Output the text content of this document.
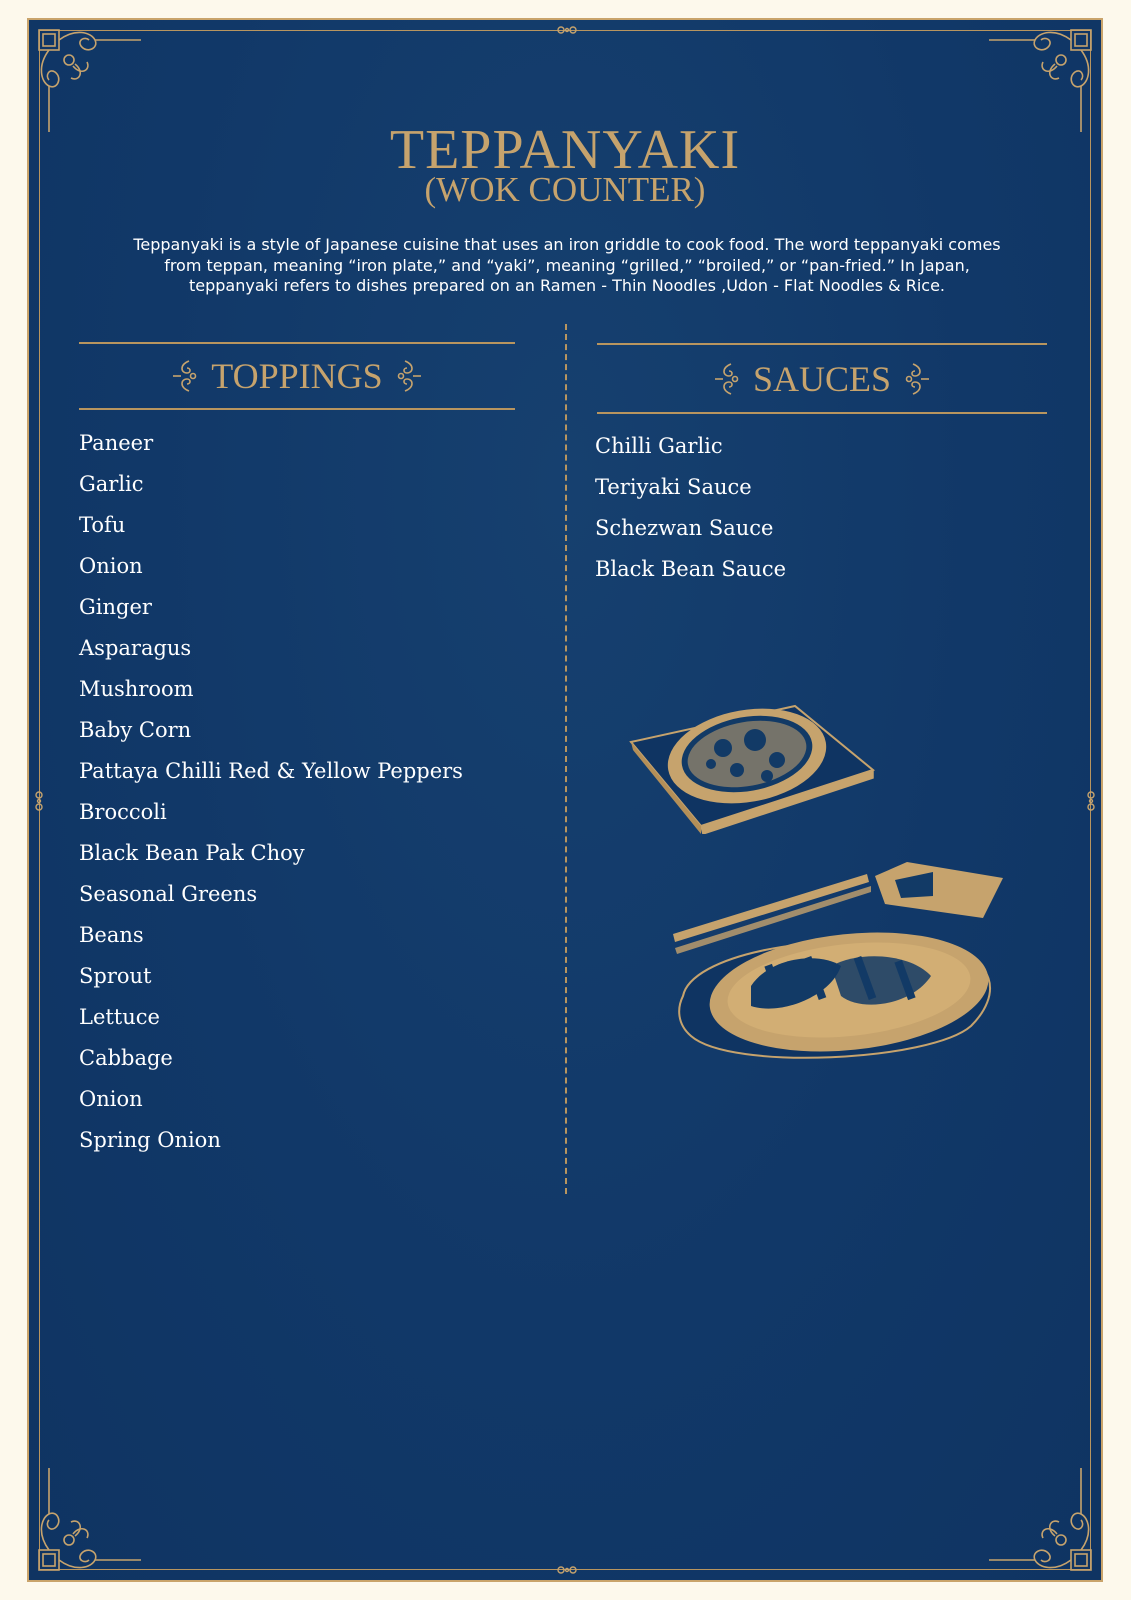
TEPPANYAKI
(WOK COUNTER)
Teppanyaki is a style of Japanese cuisine that uses an iron griddle to cook food. The word teppanyaki comes from teppan, meaning “iron plate,” and “yaki”, meaning “grilled,” “broiled,” or “pan-fried.” In Japan, teppanyaki refers to dishes prepared on an Ramen - Thin Noodles ,Udon - Flat Noodles & Rice.
TOPPINGS	SAUCES
Paneer
Garlic
Tofu
Onion
Ginger
Asparagus
Mushroom
Baby Corn
Pattaya Chilli Red & Yellow Peppers
Broccoli
Black Bean Pak Choy
Seasonal Greens
Beans
Sprout
Lettuce
Cabbage
Onion
Spring Onion
Chilli Garlic
Teriyaki Sauce
Schezwan Sauce
Black Bean Sauce
